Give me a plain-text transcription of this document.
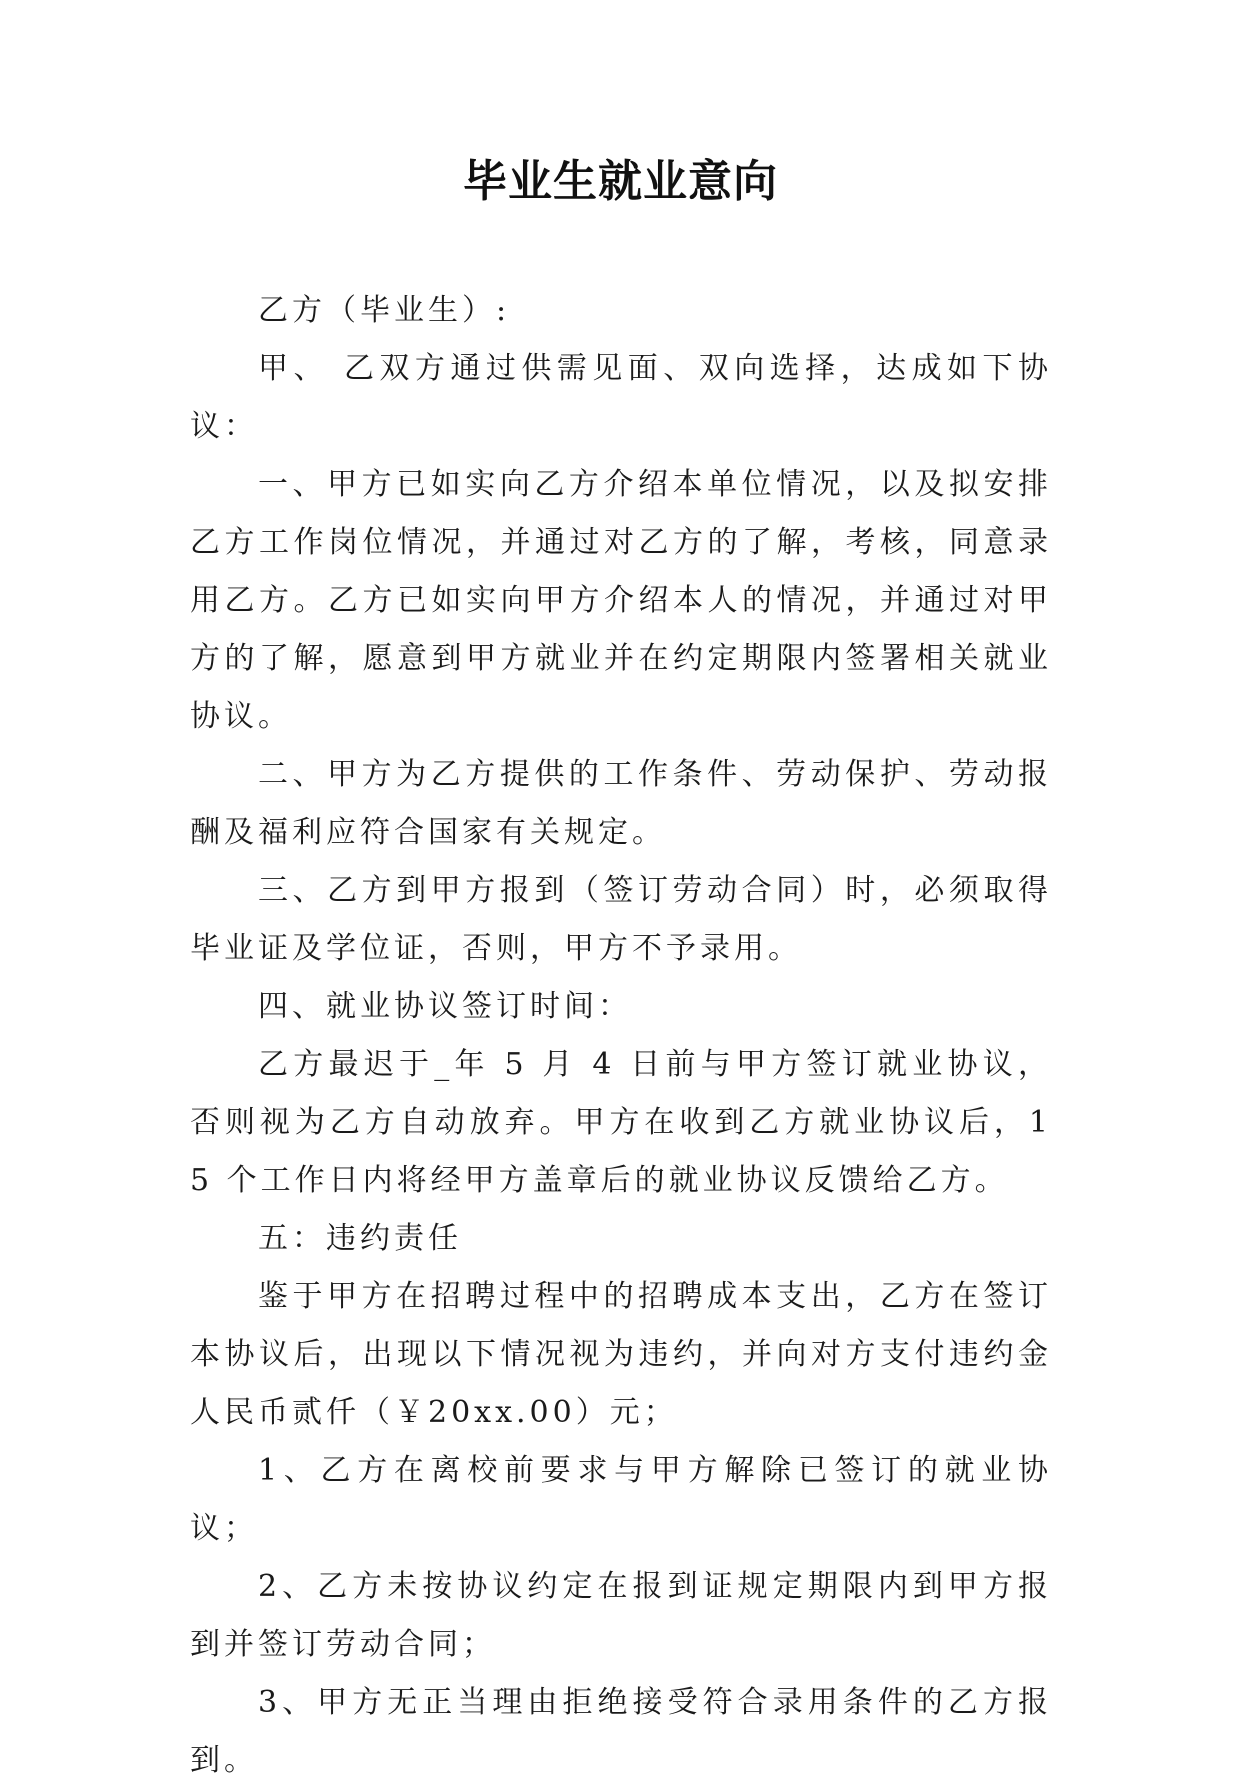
毕业生就业意向

乙方（毕业生）:

甲、 乙双方通过供需见面、双向选择，达成如下协议：

一、甲方已如实向乙方介绍本单位情况，以及拟安排乙方工作岗位情况，并通过对乙方的了解，考核，同意录用乙方。乙方已如实向甲方介绍本人的情况，并通过对甲方的了解，愿意到甲方就业并在约定期限内签署相关就业协议。

二、甲方为乙方提供的工作条件、劳动保护、劳动报酬及福利应符合国家有关规定。

三、乙方到甲方报到（签订劳动合同）时，必须取得毕业证及学位证，否则，甲方不予录用。

四、就业协议签订时间：

乙方最迟于_年 5 月 4 日前与甲方签订就业协议，否则视为乙方自动放弃。甲方在收到乙方就业协议后，15 个工作日内将经甲方盖章后的就业协议反馈给乙方。

五：违约责任

鉴于甲方在招聘过程中的招聘成本支出，乙方在签订本协议后，出现以下情况视为违约，并向对方支付违约金人民币贰仟（￥20xx.00）元；

1、乙方在离校前要求与甲方解除已签订的就业协议；

2、乙方未按协议约定在报到证规定期限内到甲方报到并签订劳动合同；

3、甲方无正当理由拒绝接受符合录用条件的乙方报到。
